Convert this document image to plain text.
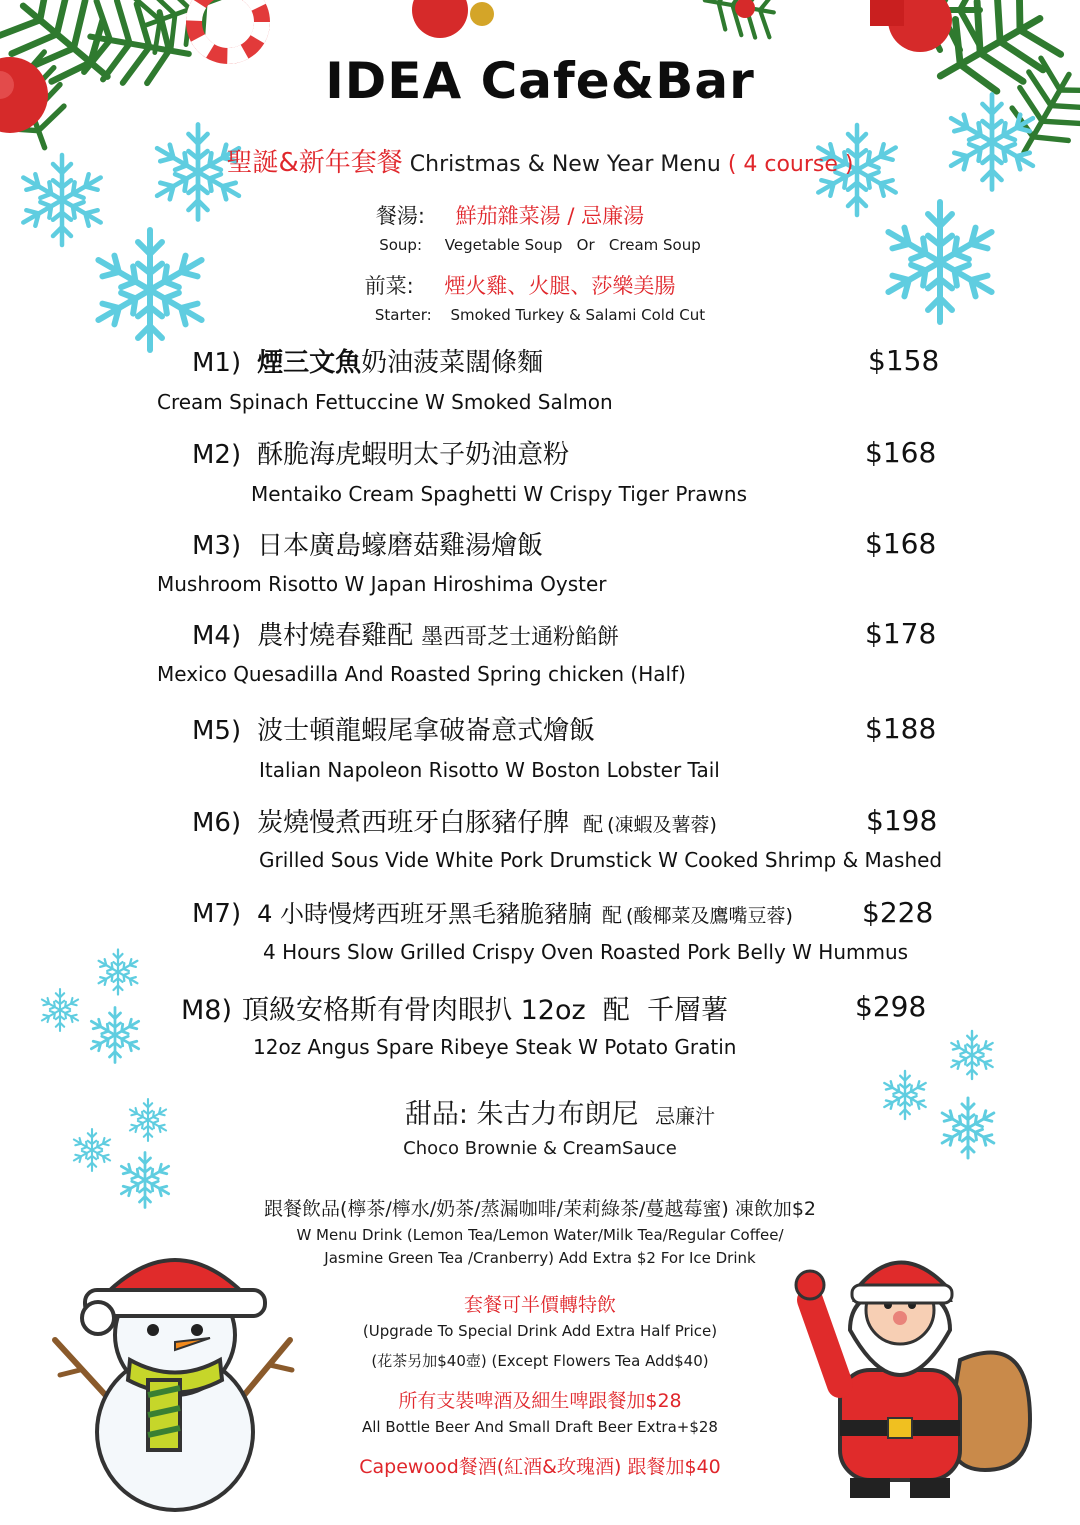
IDEA Cafe&Bar
聖誕&新年套餐 Christmas & New Year Menu ( 4 course )
餐湯: 鮮茄雜菜湯 / 忌廉湯
Soup: Vegetable Soup   Or   Cream Soup
前菜: 煙火雞、火腿、莎樂美腸
Starter: Smoked Turkey & Salami Cold Cut
M1) 煙三文魚奶油菠菜闊條麵	$158
Cream Spinach Fettuccine W Smoked Salmon
M2) 酥脆海虎蝦明太子奶油意粉	$168
Mentaiko Cream Spaghetti W Crispy Tiger Prawns
M3) 日本廣島蠔磨菇雞湯燴飯	$168
Mushroom Risotto W Japan Hiroshima Oyster
M4) 農村燒春雞配 墨西哥芝士通粉餡餅	$178
Mexico Quesadilla And Roasted Spring chicken (Half)
M5) 波士頓龍蝦尾拿破崙意式燴飯	$188
Italian Napoleon Risotto W Boston Lobster Tail
M6) 炭燒慢煮西班牙白豚豬仔脾 配 (凍蝦及薯蓉)	$198
Grilled Sous Vide White Pork Drumstick W Cooked Shrimp & Mashed
M7) 4 小時慢烤西班牙黑毛豬脆豬腩 配 (酸椰菜及鷹嘴豆蓉) $228
4 Hours Slow Grilled Crispy Oven Roasted Pork Belly W Hummus
M8) 頂級安格斯有骨肉眼扒 12oz  配  千層薯	$298
12oz Angus Spare Ribeye Steak W Potato Gratin
甜品: 朱古力布朗尼 忌廉汁
Choco Brownie & CreamSauce
跟餐飲品(檸茶/檸水/奶茶/蒸漏咖啡/茉莉綠茶/蔓越莓蜜) 凍飲加$2
W Menu Drink (Lemon Tea/Lemon Water/Milk Tea/Regular Coffee/
Jasmine Green Tea /Cranberry) Add Extra $2 For Ice Drink
套餐可半價轉特飲
(Upgrade To Special Drink Add Extra Half Price)
(花茶另加$40壺) (Except Flowers Tea Add$40)
所有支裝啤酒及細生啤跟餐加$28
All Bottle Beer And Small Draft Beer Extra+$28
Capewood餐酒(紅酒&玫瑰酒) 跟餐加$40
